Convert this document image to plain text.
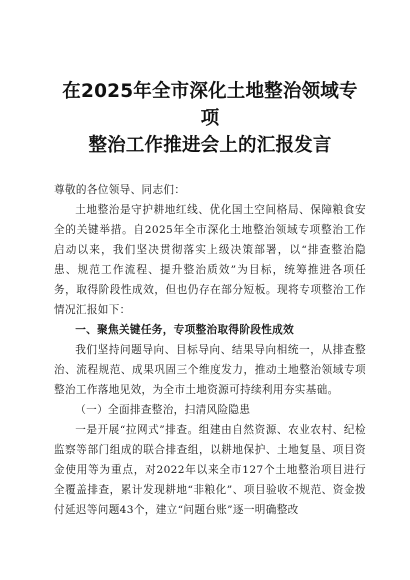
在2025年全市深化土地整治领域专项
整治工作推进会上的汇报发言

尊敬的各位领导、同志们：

土地整治是守护耕地红线、优化国土空间格局、保障粮食安全的关键举措。自2025年全市深化土地整治领域专项整治工作启动以来，我们坚决贯彻落实上级决策部署，以“排查整治隐患、规范工作流程、提升整治质效”为目标，统筹推进各项任务，取得阶段性成效，但也仍存在部分短板。现将专项整治工作情况汇报如下：

一、聚焦关键任务，专项整治取得阶段性成效

我们坚持问题导向、目标导向、结果导向相统一，从排查整治、流程规范、成果巩固三个维度发力，推动土地整治领域专项整治工作落地见效，为全市土地资源可持续利用夯实基础。

（一）全面排查整治，扫清风险隐患

一是开展“拉网式”排查。组建由自然资源、农业农村、纪检监察等部门组成的联合排查组，以耕地保护、土地复垦、项目资金使用等为重点，对2022年以来全市127个土地整治项目进行全覆盖排查，累计发现耕地“非粮化”、项目验收不规范、资金拨付延迟等问题43个，建立“问题台账”逐一明确整改
